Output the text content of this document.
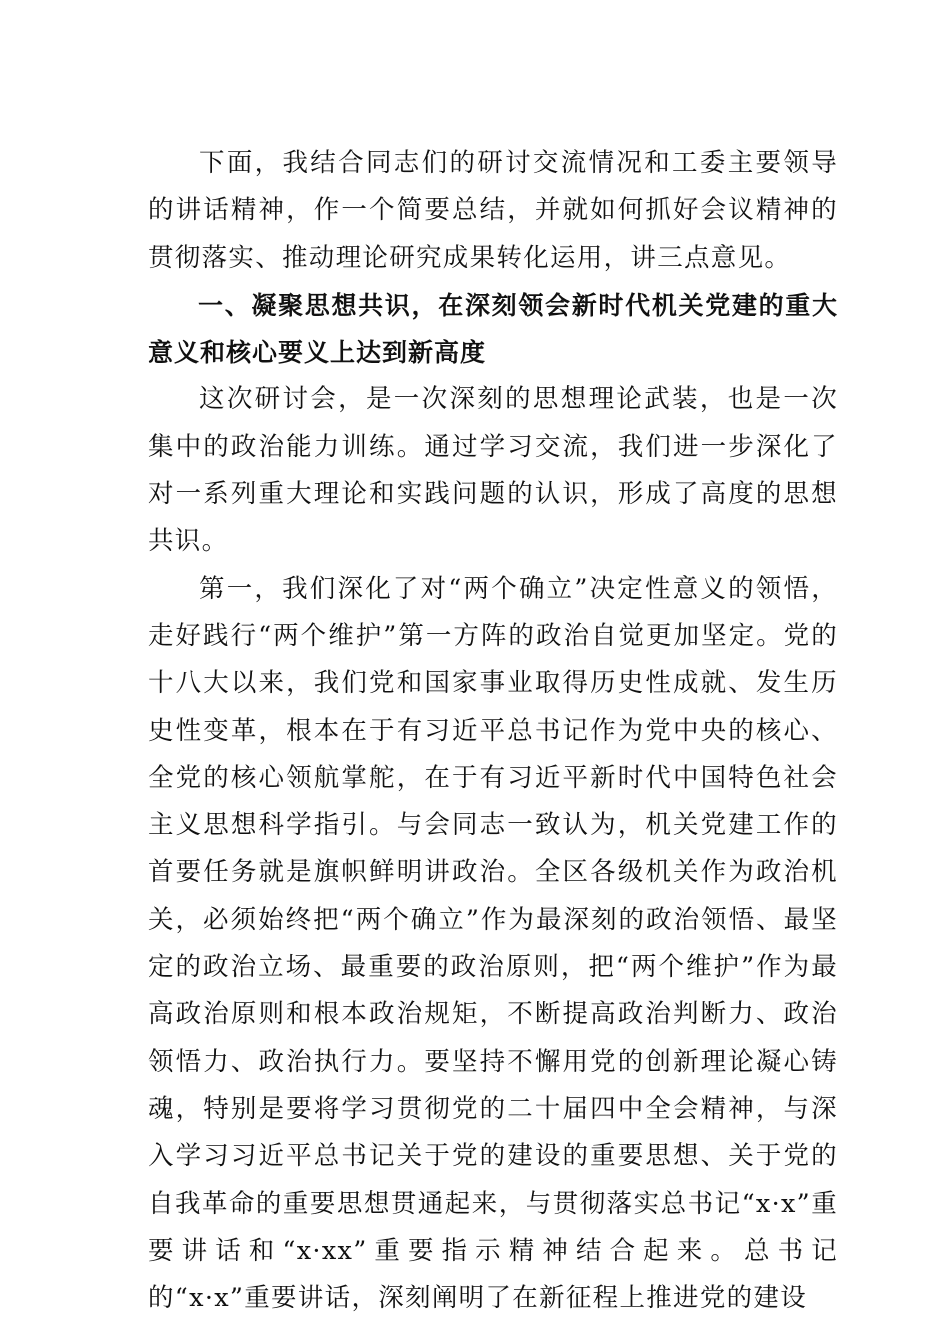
下面，我结合同志们的研讨交流情况和工委主要领导的讲话精神，作一个简要总结，并就如何抓好会议精神的贯彻落实、推动理论研究成果转化运用，讲三点意见。

一、凝聚思想共识，在深刻领会新时代机关党建的重大意义和核心要义上达到新高度

这次研讨会，是一次深刻的思想理论武装，也是一次集中的政治能力训练。通过学习交流，我们进一步深化了对一系列重大理论和实践问题的认识，形成了高度的思想共识。

第一，我们深化了对“两个确立”决定性意义的领悟，走好践行“两个维护”第一方阵的政治自觉更加坚定。党的十八大以来，我们党和国家事业取得历史性成就、发生历史性变革，根本在于有习近平总书记作为党中央的核心、全党的核心领航掌舵，在于有习近平新时代中国特色社会主义思想科学指引。与会同志一致认为，机关党建工作的首要任务就是旗帜鲜明讲政治。全区各级机关作为政治机关，必须始终把“两个确立”作为最深刻的政治领悟、最坚定的政治立场、最重要的政治原则，把“两个维护”作为最高政治原则和根本政治规矩，不断提高政治判断力、政治领悟力、政治执行力。要坚持不懈用党的创新理论凝心铸魂，特别是要将学习贯彻党的二十届四中全会精神，与深入学习习近平总书记关于党的建设的重要思想、关于党的自我革命的重要思想贯通起来，与贯彻落实总书记“x·x”重要讲话和“x·xx”重要指示精神结合起来。总书记的“x·x”重要讲话，深刻阐明了在新征程上推进党的建设
